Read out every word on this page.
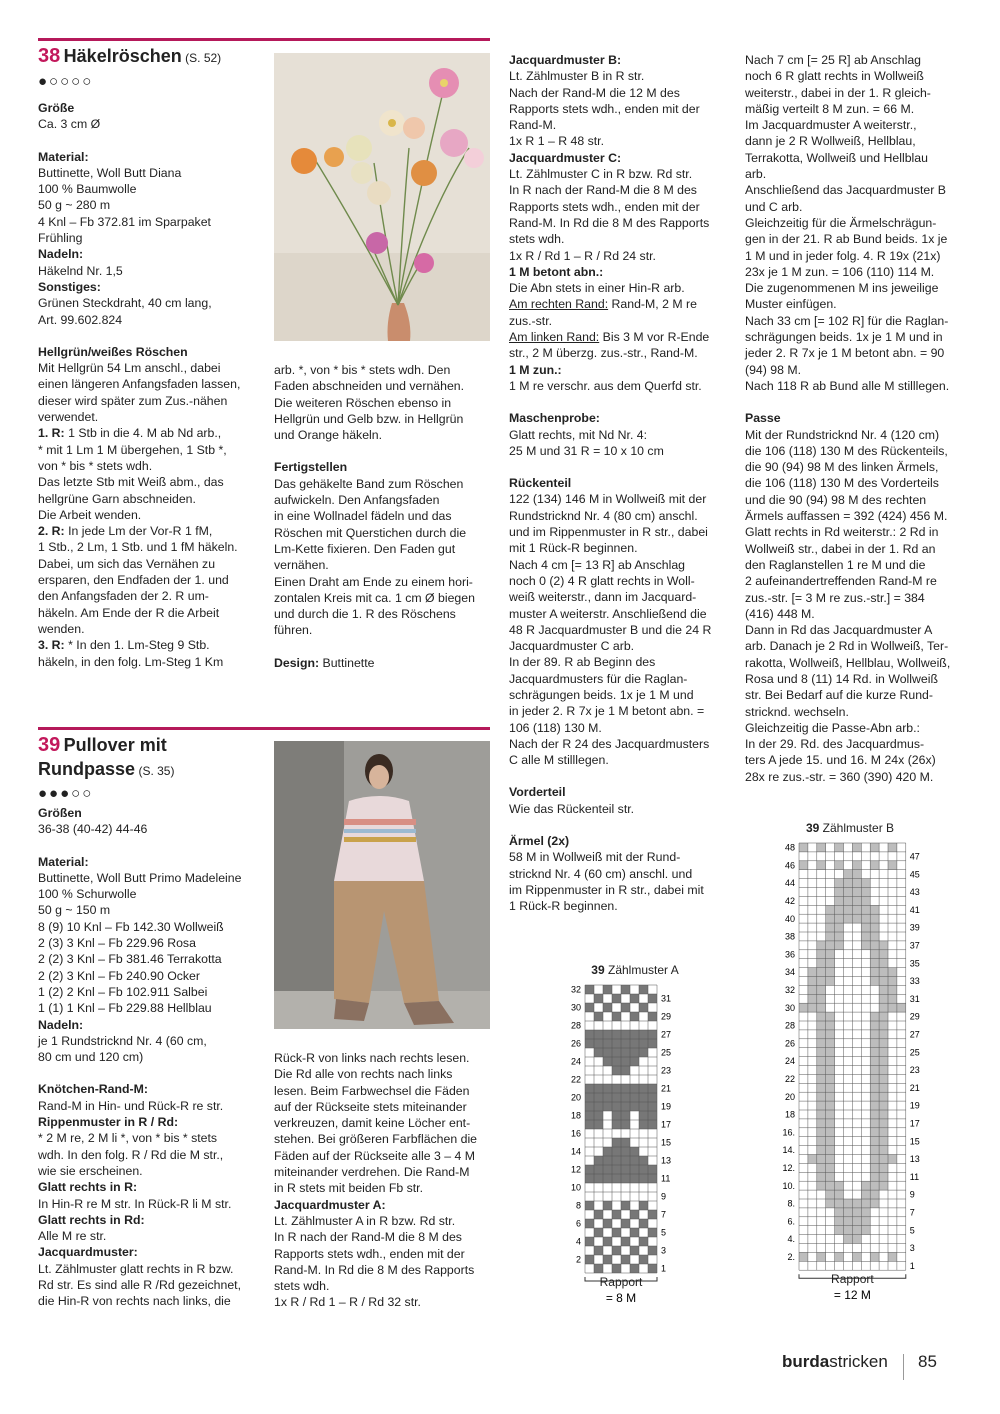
38 Häkelröschen (S. 52)
●○○○○

Größe

Ca. 3 cm Ø

Material:

Buttinette, Woll Butt Diana

100 % Baumwolle

50 g ~ 280 m

4 Knl – Fb 372.81 im Sparpaket

Frühling

Nadeln:

Häkelnd Nr. 1,5

Sonstiges:

Grünen Steckdraht, 40 cm lang,

Art. 99.602.824

Hellgrün/weißes Röschen

Mit Hellgrün 54 Lm anschl., dabei

einen längeren Anfangsfaden lassen,

dieser wird später zum Zus.-nähen

verwendet.

1. R: 1 Stb in die 4. M ab Nd arb.,

* mit 1 Lm 1 M übergehen, 1 Stb *,

von * bis * stets wdh.

Das letzte Stb mit Weiß abm., das

hellgrüne Garn abschneiden.

Die Arbeit wenden.

2. R: In jede Lm der Vor-R 1 fM,

1 Stb., 2 Lm, 1 Stb. und 1 fM häkeln.

Dabei, um sich das Vernähen zu

ersparen, den Endfaden der 1. und

den Anfangsfaden der 2. R um-

häkeln. Am Ende der R die Arbeit

wenden.

3. R: * In den 1. Lm-Steg 9 Stb.

häkeln, in den folg. Lm-Steg 1 Km

arb. *, von * bis * stets wdh. Den

Faden abschneiden und vernähen.

Die weiteren Röschen ebenso in

Hellgrün und Gelb bzw. in Hellgrün

und Orange häkeln.

Fertigstellen

Das gehäkelte Band zum Röschen

aufwickeln. Den Anfangsfaden

in eine Wollnadel fädeln und das

Röschen mit Querstichen durch die

Lm-Kette fixieren. Den Faden gut

vernähen.

Einen Draht am Ende zu einem hori-

zontalen Kreis mit ca. 1 cm Ø biegen

und durch die 1. R des Röschens

führen.

Design: Buttinette

39 Pullover mit
Rundpasse (S. 35)
●●●○○

Größen

36-38 (40-42) 44-46

Material:

Buttinette, Woll Butt Primo Madeleine

100 % Schurwolle

50 g ~ 150 m

8 (9) 10 Knl – Fb 142.30 Wollweiß

2 (3) 3 Knl – Fb 229.96 Rosa

2 (2) 3 Knl – Fb 381.46 Terrakotta

2 (2) 3 Knl – Fb 240.90 Ocker

1 (2) 2 Knl – Fb 102.911 Salbei

1 (1) 1 Knl – Fb 229.88 Hellblau

Nadeln:

je 1 Rundstricknd Nr. 4 (60 cm,

80 cm und 120 cm)

Knötchen-Rand-M:

Rand-M in Hin- und Rück-R re str.

Rippenmuster in R / Rd:

* 2 M re, 2 M li *, von * bis * stets

wdh. In den folg. R / Rd die M str.,

wie sie erscheinen.

Glatt rechts in R:

In Hin-R re M str. In Rück-R li M str.

Glatt rechts in Rd:

Alle M re str.

Jacquardmuster:

Lt. Zählmuster glatt rechts in R bzw.

Rd str. Es sind alle R /Rd gezeichnet,

die Hin-R von rechts nach links, die

Rück-R von links nach rechts lesen.

Die Rd alle von rechts nach links

lesen. Beim Farbwechsel die Fäden

auf der Rückseite stets miteinander

verkreuzen, damit keine Löcher ent-

stehen. Bei größeren Farbflächen die

Fäden auf der Rückseite alle 3 – 4 M

miteinander verdrehen. Die Rand-M

in R stets mit beiden Fb str.

Jacquardmuster A:

Lt. Zählmuster A in R bzw. Rd str.

In R nach der Rand-M die 8 M des

Rapports stets wdh., enden mit der

Rand-M. In Rd die 8 M des Rapports

stets wdh.

1x R / Rd 1 – R / Rd 32 str.

Jacquardmuster B:

Lt. Zählmuster B in R str.

Nach der Rand-M die 12 M des

Rapports stets wdh., enden mit der

Rand-M.

1x R 1 – R 48 str.

Jacquardmuster C:

Lt. Zählmuster C in R bzw. Rd str.

In R nach der Rand-M die 8 M des

Rapports stets wdh., enden mit der

Rand-M. In Rd die 8 M des Rapports

stets wdh.

1x R / Rd 1 – R / Rd 24 str.

1 M betont abn.:

Die Abn stets in einer Hin-R arb.

Am rechten Rand: Rand-M, 2 M re

zus.-str.

Am linken Rand: Bis 3 M vor R-Ende

str., 2 M überzg. zus.-str., Rand-M.

1 M zun.:

1 M re verschr. aus dem Querfd str.

Maschenprobe:

Glatt rechts, mit Nd Nr. 4:

25 M und 31 R = 10 x 10 cm

Rückenteil

122 (134) 146 M in Wollweiß mit der

Rundstricknd Nr. 4 (80 cm) anschl.

und im Rippenmuster in R str., dabei

mit 1 Rück-R beginnen.

Nach 4 cm [= 13 R] ab Anschlag

noch 0 (2) 4 R glatt rechts in Woll-

weiß weiterstr., dann im Jacquard-

muster A weiterstr. Anschließend die

48 R Jacquardmuster B und die 24 R

Jacquardmuster C arb.

In der 89. R ab Beginn des

Jacquardmusters für die Raglan-

schrägungen beids. 1x je 1 M und

in jeder 2. R 7x je 1 M betont abn. =

106 (118) 130 M.

Nach der R 24 des Jacquardmusters

C alle M stilllegen.

Vorderteil

Wie das Rückenteil str.

Ärmel (2x)

58 M in Wollweiß mit der Rund-

stricknd Nr. 4 (60 cm) anschl. und

im Rippenmuster in R str., dabei mit

1 Rück-R beginnen.

Nach 7 cm [= 25 R] ab Anschlag

noch 6 R glatt rechts in Wollweiß

weiterstr., dabei in der 1. R gleich-

mäßig verteilt 8 M zun. = 66 M.

Im Jacquardmuster A weiterstr.,

dann je 2 R Wollweiß, Hellblau,

Terrakotta, Wollweiß und Hellblau

arb.

Anschließend das Jacquardmuster B

und C arb.

Gleichzeitig für die Ärmelschrägun-

gen in der 21. R ab Bund beids. 1x je

1 M und in jeder folg. 4. R 19x (21x)

23x je 1 M zun. = 106 (110) 114 M.

Die zugenommenen M ins jeweilige

Muster einfügen.

Nach 33 cm [= 102 R] für die Raglan-

schrägungen beids. 1x je 1 M und in

jeder 2. R 7x je 1 M betont abn. = 90

(94) 98 M.

Nach 118 R ab Bund alle M stilllegen.

Passe

Mit der Rundstricknd Nr. 4 (120 cm)

die 106 (118) 130 M des Rückenteils,

die 90 (94) 98 M des linken Ärmels,

die 106 (118) 130 M des Vorderteils

und die 90 (94) 98 M des rechten

Ärmels auffassen = 392 (424) 456 M.

Glatt rechts in Rd weiterstr.: 2 Rd in

Wollweiß str., dabei in der 1. Rd an

den Raglanstellen 1 re M und die

2 aufeinandertreffenden Rand-M re

zus.-str. [= 3 M re zus.-str.] = 384

(416) 448 M.

Dann in Rd das Jacquardmuster A

arb. Danach je 2 Rd in Wollweiß, Ter-

rakotta, Wollweiß, Hellblau, Wollweiß,

Rosa und 8 (11) 14 Rd. in Wollweiß

str. Bei Bedarf auf die kurze Rund-

stricknd. wechseln.

Gleichzeitig die Passe-Abn arb.:

In der 29. Rd. des Jacquardmus-

ters A jede 15. und 16. M 24x (26x)

28x re zus.-str. = 360 (390) 420 M.

39 Zählmuster A
32
30
28
26
24
22
20
18
16
14
12
10
8
6
4
2
31
29
27
25
23
21
19
17
15
13
11
9
7
5
3
1
Rapport
= 8 M
39 Zählmuster B
48
46
44
42
40
38
36
34
32
30
28
26
24
22
20
18
16.
14.
12.
10.
8.
6.
4.
2.
47
45
43
41
39
37
35
33
31
29
27
25
23
21
19
17
15
13
11
9
7
5
3
1
Rapport
= 12 M
burdastricken 85
